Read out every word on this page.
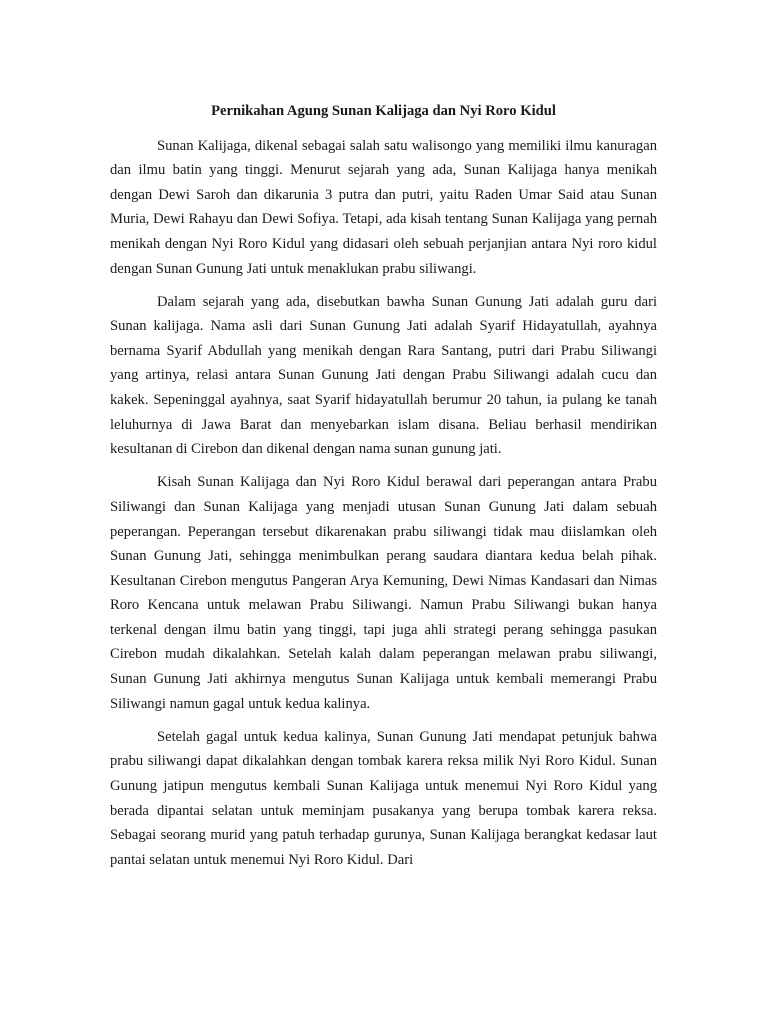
Pernikahan Agung Sunan Kalijaga dan Nyi Roro Kidul

Sunan Kalijaga, dikenal sebagai salah satu walisongo yang memiliki ilmu kanuragan dan ilmu batin yang tinggi. Menurut sejarah yang ada, Sunan Kalijaga hanya menikah dengan Dewi Saroh dan dikarunia 3 putra dan putri, yaitu Raden Umar Said atau Sunan Muria, Dewi Rahayu dan Dewi Sofiya. Tetapi, ada kisah tentang Sunan Kalijaga yang pernah menikah dengan Nyi Roro Kidul yang didasari oleh sebuah perjanjian antara Nyi roro kidul dengan Sunan Gunung Jati untuk menaklukan prabu siliwangi.

Dalam sejarah yang ada, disebutkan bawha Sunan Gunung Jati adalah guru dari Sunan kalijaga. Nama asli dari Sunan Gunung Jati adalah Syarif Hidayatullah, ayahnya bernama Syarif Abdullah yang menikah dengan Rara Santang, putri dari Prabu Siliwangi yang artinya, relasi antara Sunan Gunung Jati dengan Prabu Siliwangi adalah cucu dan kakek. Sepeninggal ayahnya, saat Syarif hidayatullah berumur 20 tahun, ia pulang ke tanah leluhurnya di Jawa Barat dan menyebarkan islam disana. Beliau berhasil mendirikan kesultanan di Cirebon dan dikenal dengan nama sunan gunung jati.

Kisah Sunan Kalijaga dan Nyi Roro Kidul berawal dari peperangan antara Prabu Siliwangi dan Sunan Kalijaga yang menjadi utusan Sunan Gunung Jati dalam sebuah peperangan. Peperangan tersebut dikarenakan prabu siliwangi tidak mau diislamkan oleh Sunan Gunung Jati, sehingga menimbulkan perang saudara diantara kedua belah pihak. Kesultanan Cirebon mengutus Pangeran Arya Kemuning, Dewi Nimas Kandasari dan Nimas Roro Kencana untuk melawan Prabu Siliwangi. Namun Prabu Siliwangi bukan hanya terkenal dengan ilmu batin yang tinggi, tapi juga ahli strategi perang sehingga pasukan Cirebon mudah dikalahkan. Setelah kalah dalam peperangan melawan prabu siliwangi, Sunan Gunung Jati akhirnya mengutus Sunan Kalijaga untuk kembali memerangi Prabu Siliwangi namun gagal untuk kedua kalinya.

Setelah gagal untuk kedua kalinya, Sunan Gunung Jati mendapat petunjuk bahwa prabu siliwangi dapat dikalahkan dengan tombak karera reksa milik Nyi Roro Kidul. Sunan Gunung jatipun mengutus kembali Sunan Kalijaga untuk menemui Nyi Roro Kidul yang berada dipantai selatan untuk meminjam pusakanya yang berupa tombak karera reksa. Sebagai seorang murid yang patuh terhadap gurunya, Sunan Kalijaga berangkat kedasar laut pantai selatan untuk menemui Nyi Roro Kidul. Dari
